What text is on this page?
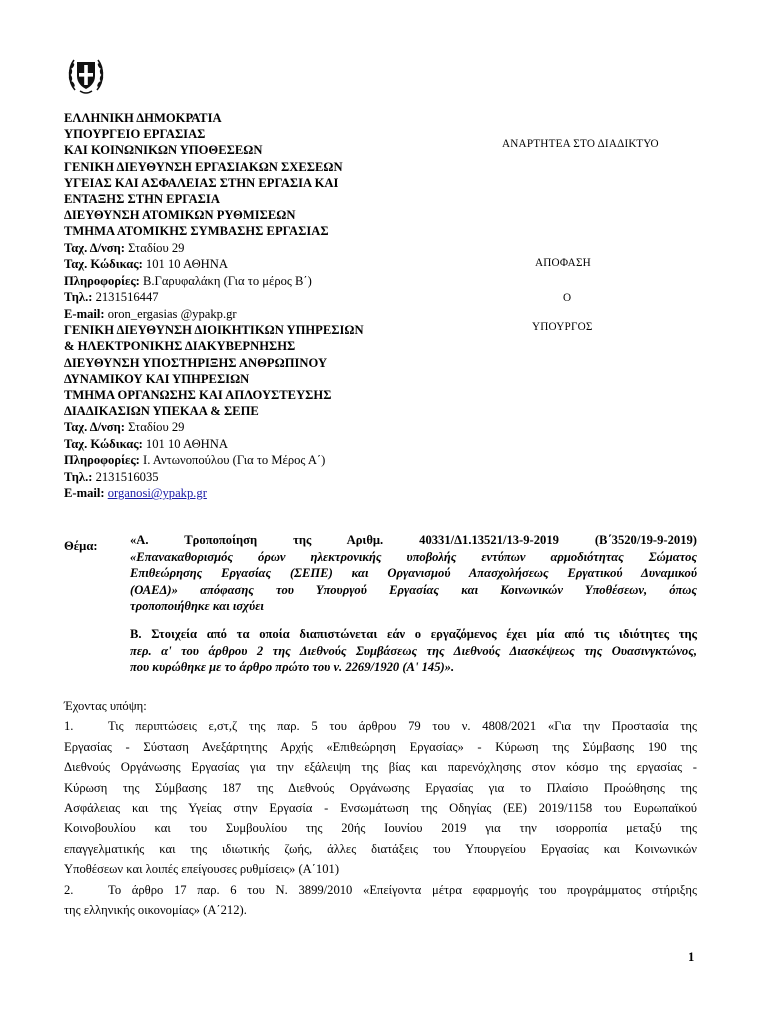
ΕΛΛΗΝΙΚΗ ΔΗΜΟΚΡΑΤΙΑ
ΥΠΟΥΡΓΕΙΟ ΕΡΓΑΣΙΑΣ
ΚΑΙ ΚΟΙΝΩΝΙΚΩΝ ΥΠΟΘΕΣΕΩΝ
ΓΕΝΙΚΗ ΔΙΕΥΘΥΝΣΗ ΕΡΓΑΣΙΑΚΩΝ ΣΧΕΣΕΩΝ
ΥΓΕΙΑΣ ΚΑΙ ΑΣΦΑΛΕΙΑΣ ΣΤΗΝ ΕΡΓΑΣΙΑ ΚΑΙ
ΕΝΤΑΞΗΣ ΣΤΗΝ ΕΡΓΑΣΙΑ
ΔΙΕΥΘΥΝΣΗ ΑΤΟΜΙΚΩΝ ΡΥΘΜΙΣΕΩΝ
ΤΜΗΜΑ ΑΤΟΜΙΚΗΣ ΣΥΜΒΑΣΗΣ ΕΡΓΑΣΙΑΣ
Ταχ. Δ/νση: Σταδίου 29
Ταχ. Κώδικας: 101 10 ΑΘΗΝΑ
Πληροφορίες: Β.Γαρυφαλάκη (Για το μέρος Β΄)
Τηλ.: 2131516447
E-mail: oron_ergasias @ypakp.gr
ΓΕΝΙΚΗ ΔΙΕΥΘΥΝΣΗ ΔΙΟΙΚΗΤΙΚΩΝ ΥΠΗΡΕΣΙΩΝ
& ΗΛΕΚΤΡΟΝΙΚΗΣ ΔΙΑΚΥΒΕΡΝΗΣΗΣ
ΔΙΕΥΘΥΝΣΗ ΥΠΟΣΤΗΡΙΞΗΣ ΑΝΘΡΩΠΙΝΟΥ
ΔΥΝΑΜΙΚΟΥ ΚΑΙ ΥΠΗΡΕΣΙΩΝ
ΤΜΗΜΑ ΟΡΓΑΝΩΣΗΣ ΚΑΙ ΑΠΛΟΥΣΤΕΥΣΗΣ
ΔΙΑΔΙΚΑΣΙΩΝ ΥΠΕΚΑΑ & ΣΕΠΕ
Ταχ. Δ/νση: Σταδίου 29
Ταχ. Κώδικας: 101 10 ΑΘΗΝΑ
Πληροφορίες: Ι. Αντωνοπούλου (Για το Μέρος Α΄)
Τηλ.: 2131516035
E-mail: organosi@ypakp.gr
ΑΝΑΡΤΗΤΕΑ ΣΤΟ ΔΙΑΔΙΚΤΥΟ
ΑΠΟΦΑΣΗ
Ο
ΥΠΟΥΡΓΟΣ
Θέμα:	«Α. Τροποποίηση της Αριθμ. 40331/Δ1.13521/13-9-2019 (Β΄3520/19-9-2019)
«Επανακαθορισμός όρων ηλεκτρονικής υποβολής εντύπων αρμοδιότητας Σώματος
Επιθεώρησης Εργασίας (ΣΕΠΕ) και Οργανισμού Απασχολήσεως Εργατικού Δυναμικού
(ΟΑΕΔ)» απόφασης του Υπουργού Εργασίας και Κοινωνικών Υποθέσεων, όπως
τροποποιήθηκε και ισχύει
Β. Στοιχεία από τα οποία διαπιστώνεται εάν ο εργαζόμενος έχει μία από τις ιδιότητες της
περ. α' του άρθρου 2 της Διεθνούς Συμβάσεως της Διεθνούς Διασκέψεως της Ουασινγκτώνος,
που κυρώθηκε με το άρθρο πρώτο του ν. 2269/1920 (Α' 145)».
Έχοντας υπόψη:
1.	Τις περιπτώσεις ε,στ,ζ της παρ. 5 του άρθρου 79 του ν. 4808/2021 «Για την Προστασία της
Εργασίας - Σύσταση Ανεξάρτητης Αρχής «Επιθεώρηση Εργασίας» - Κύρωση της Σύμβασης 190 της
Διεθνούς Οργάνωσης Εργασίας για την εξάλειψη της βίας και παρενόχλησης στον κόσμο της εργασίας -
Κύρωση της Σύμβασης 187 της Διεθνούς Οργάνωσης Εργασίας για το Πλαίσιο Προώθησης της
Ασφάλειας και της Υγείας στην Εργασία - Ενσωμάτωση της Οδηγίας (ΕΕ) 2019/1158 του Ευρωπαϊκού
Κοινοβουλίου και του Συμβουλίου της 20ής Ιουνίου 2019 για την ισορροπία μεταξύ της
επαγγελματικής και της ιδιωτικής ζωής, άλλες διατάξεις του Υπουργείου Εργασίας και Κοινωνικών
Υποθέσεων και λοιπές επείγουσες ρυθμίσεις» (Α΄101)
2.	Το άρθρο 17 παρ. 6 του Ν. 3899/2010 «Επείγοντα μέτρα εφαρμογής του προγράμματος στήριξης
της ελληνικής οικονομίας» (Α΄212).
1
